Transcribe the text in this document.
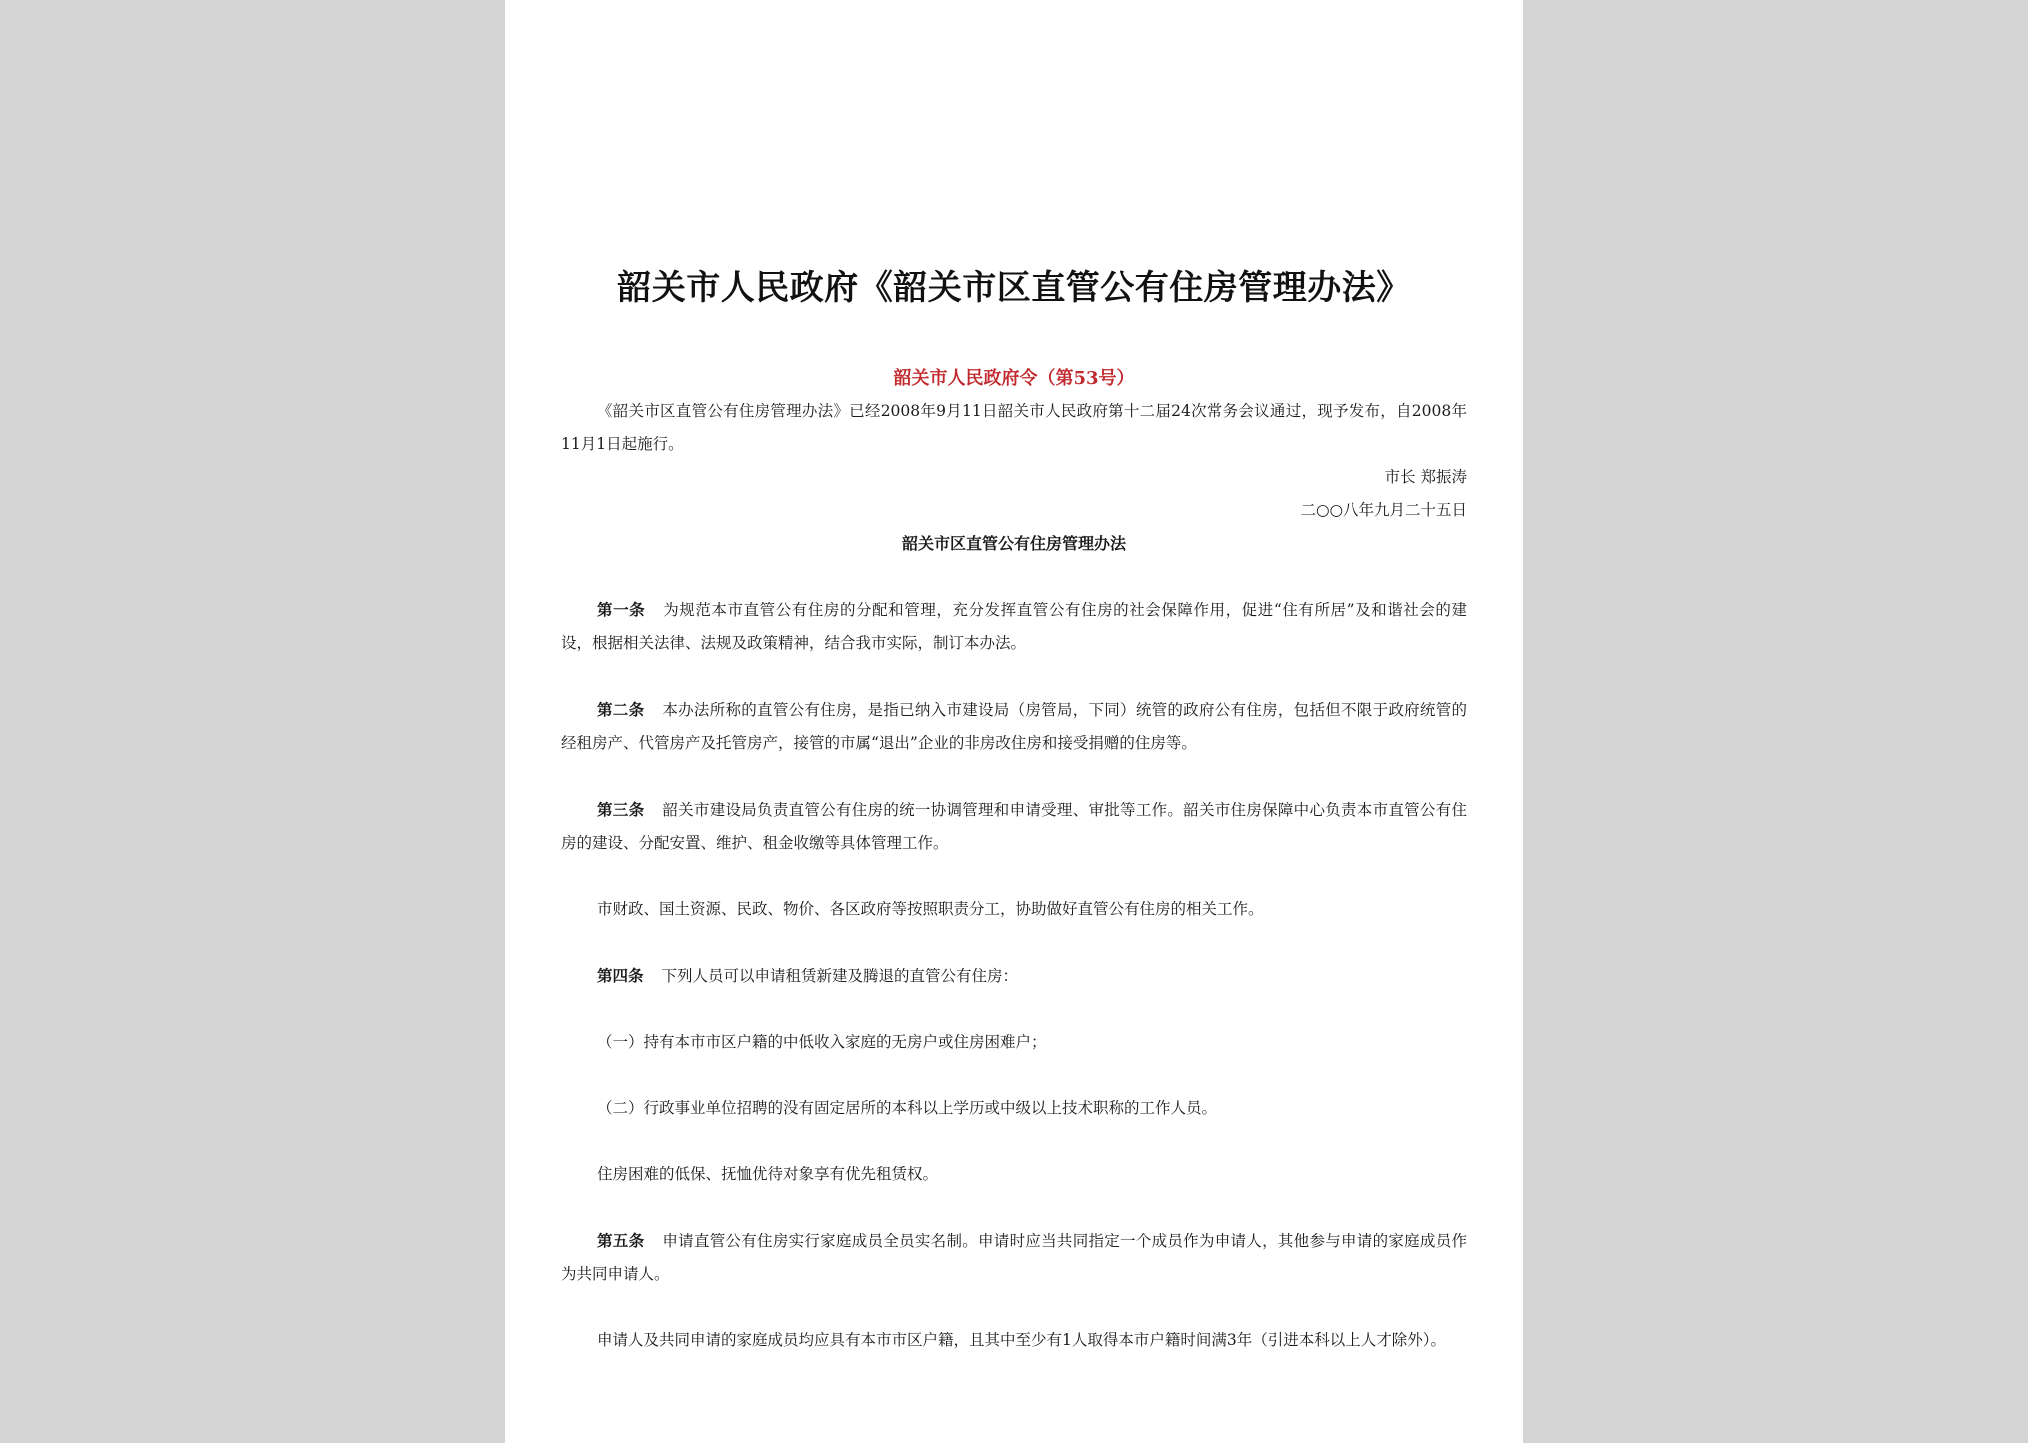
韶关市人民政府《韶关市区直管公有住房管理办法》
韶关市人民政府令（第53号）

《韶关市区直管公有住房管理办法》已经2008年9月11日韶关市人民政府第十二届24次常务会议通过，现予发布，自2008年11月1日起施行。

市长 郑振涛

二○○八年九月二十五日

韶关市区直管公有住房管理办法

第一条 为规范本市直管公有住房的分配和管理，充分发挥直管公有住房的社会保障作用，促进“住有所居”及和谐社会的建设，根据相关法律、法规及政策精神，结合我市实际，制订本办法。

第二条 本办法所称的直管公有住房，是指已纳入市建设局（房管局，下同）统管的政府公有住房，包括但不限于政府统管的经租房产、代管房产及托管房产，接管的市属“退出”企业的非房改住房和接受捐赠的住房等。

第三条 韶关市建设局负责直管公有住房的统一协调管理和申请受理、审批等工作。韶关市住房保障中心负责本市直管公有住房的建设、分配安置、维护、租金收缴等具体管理工作。

市财政、国土资源、民政、物价、各区政府等按照职责分工，协助做好直管公有住房的相关工作。

第四条 下列人员可以申请租赁新建及腾退的直管公有住房：

（一）持有本市市区户籍的中低收入家庭的无房户或住房困难户；

（二）行政事业单位招聘的没有固定居所的本科以上学历或中级以上技术职称的工作人员。

住房困难的低保、抚恤优待对象享有优先租赁权。

第五条 申请直管公有住房实行家庭成员全员实名制。申请时应当共同指定一个成员作为申请人，其他参与申请的家庭成员作为共同申请人。

申请人及共同申请的家庭成员均应具有本市市区户籍，且其中至少有1人取得本市户籍时间满3年（引进本科以上人才除外）。
